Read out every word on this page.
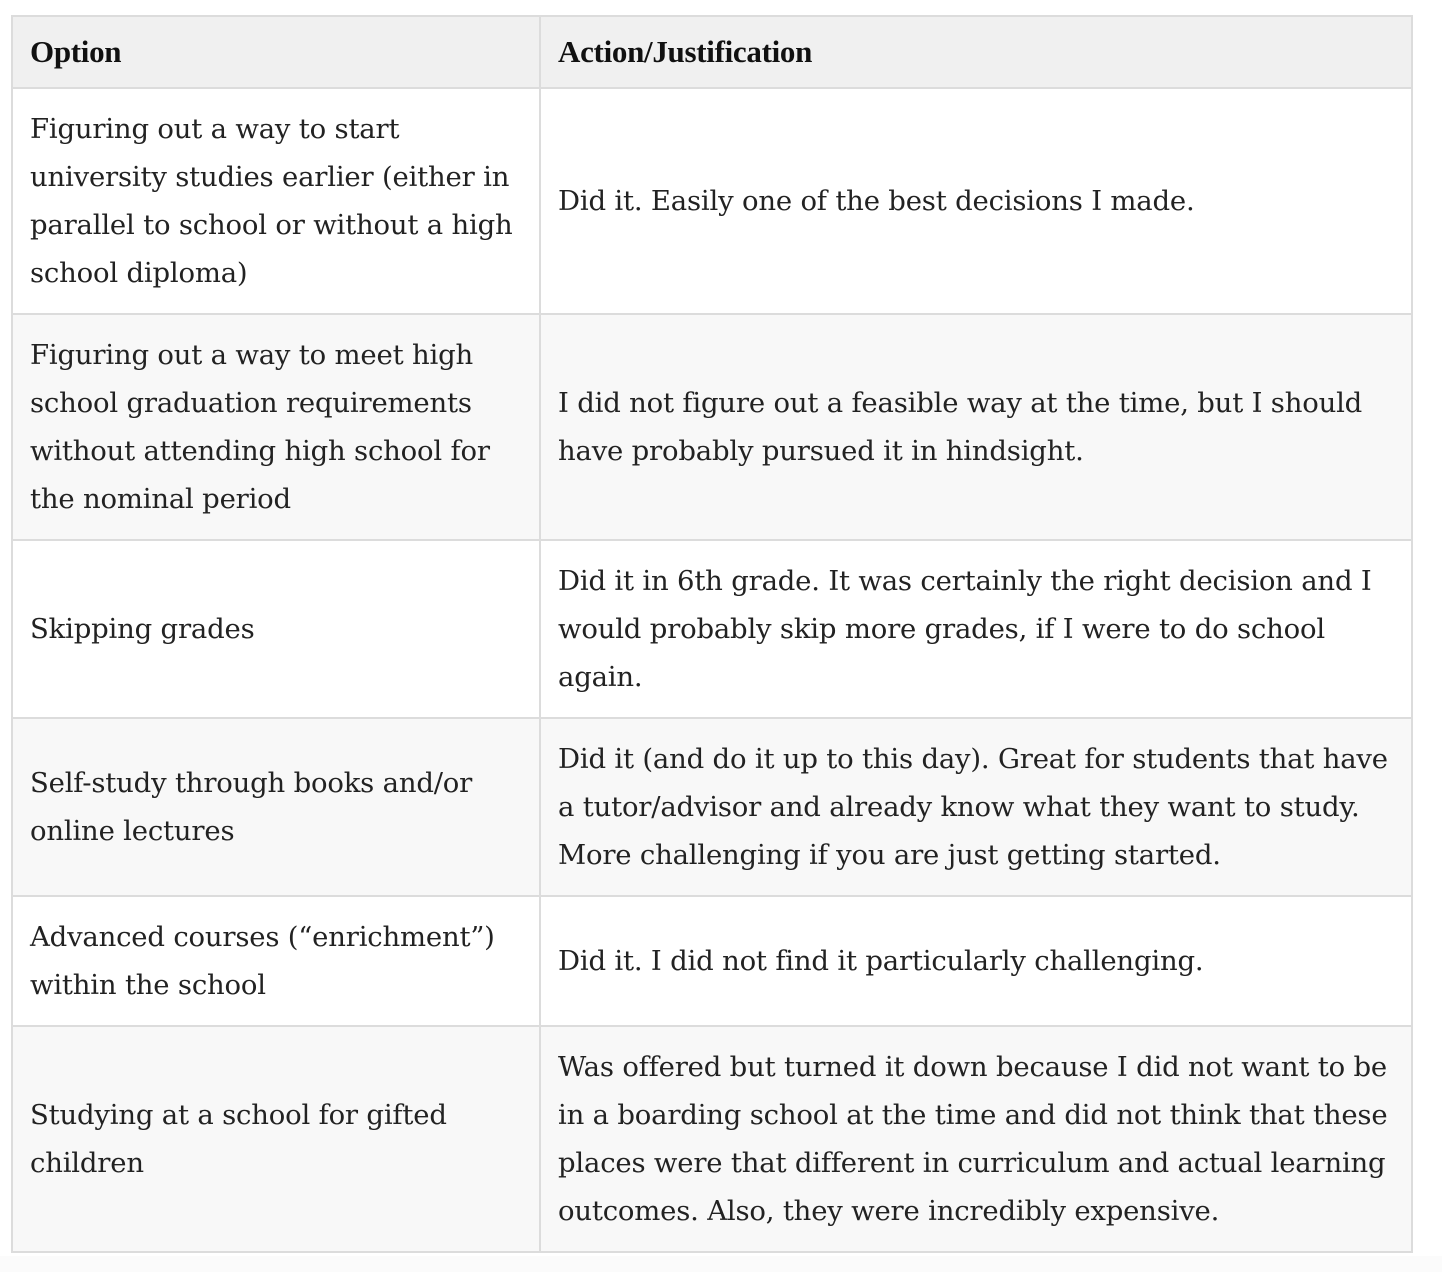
Option	Action/Justification
Figuring out a way to start university studies earlier (either in parallel to school or without a high school diploma)	Did it. Easily one of the best decisions I made.
Figuring out a way to meet high school graduation requirements without attending high school for the nominal period	I did not figure out a feasible way at the time, but I should have probably pursued it in hindsight.
Skipping grades	Did it in 6th grade. It was certainly the right decision and I would probably skip more grades, if I were to do school again.
Self-study through books and/or online lectures	Did it (and do it up to this day). Great for students that have a tutor/advisor and already know what they want to study. More challenging if you are just getting started.
Advanced courses (“enrichment”) within the school	Did it. I did not find it particularly challenging.
Studying at a school for gifted children	Was offered but turned it down because I did not want to be in a boarding school at the time and did not think that these places were that different in curriculum and actual learning outcomes. Also, they were incredibly expensive.
